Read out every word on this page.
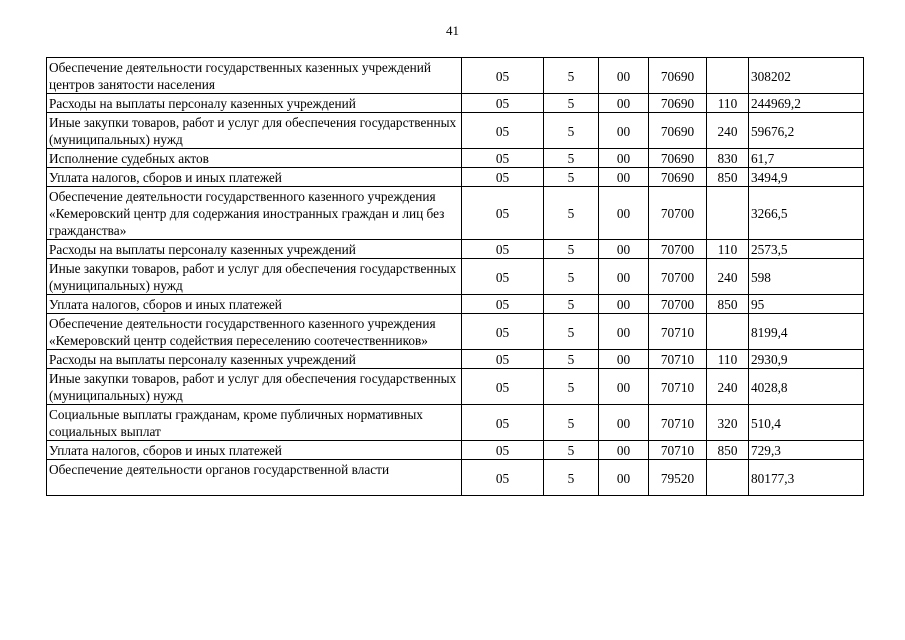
41
Обеспечение деятельности государственных казенных учреждений центров занятости населения	05	5	00	70690		308202
Расходы на выплаты персоналу казенных учреждений	05	5	00	70690	110	244969,2
Иные закупки товаров, работ и услуг для обеспечения государственных (муниципальных) нужд	05	5	00	70690	240	59676,2
Исполнение судебных актов	05	5	00	70690	830	61,7
Уплата налогов, сборов и иных платежей	05	5	00	70690	850	3494,9
Обеспечение деятельности государственного казенного учреждения «Кемеровский центр для содержания иностранных граждан и лиц без гражданства»	05	5	00	70700		3266,5
Расходы на выплаты персоналу казенных учреждений	05	5	00	70700	110	2573,5
Иные закупки товаров, работ и услуг для обеспечения государственных (муниципальных) нужд	05	5	00	70700	240	598
Уплата налогов, сборов и иных платежей	05	5	00	70700	850	95
Обеспечение деятельности государственного казенного учреждения «Кемеровский центр содействия переселению соотечественников»	05	5	00	70710		8199,4
Расходы на выплаты персоналу казенных учреждений	05	5	00	70710	110	2930,9
Иные закупки товаров, работ и услуг для обеспечения государственных (муниципальных) нужд	05	5	00	70710	240	4028,8
Социальные выплаты гражданам, кроме публичных нормативных социальных выплат	05	5	00	70710	320	510,4
Уплата налогов, сборов и иных платежей	05	5	00	70710	850	729,3
Обеспечение деятельности органов государственной власти	05	5	00	79520		80177,3
